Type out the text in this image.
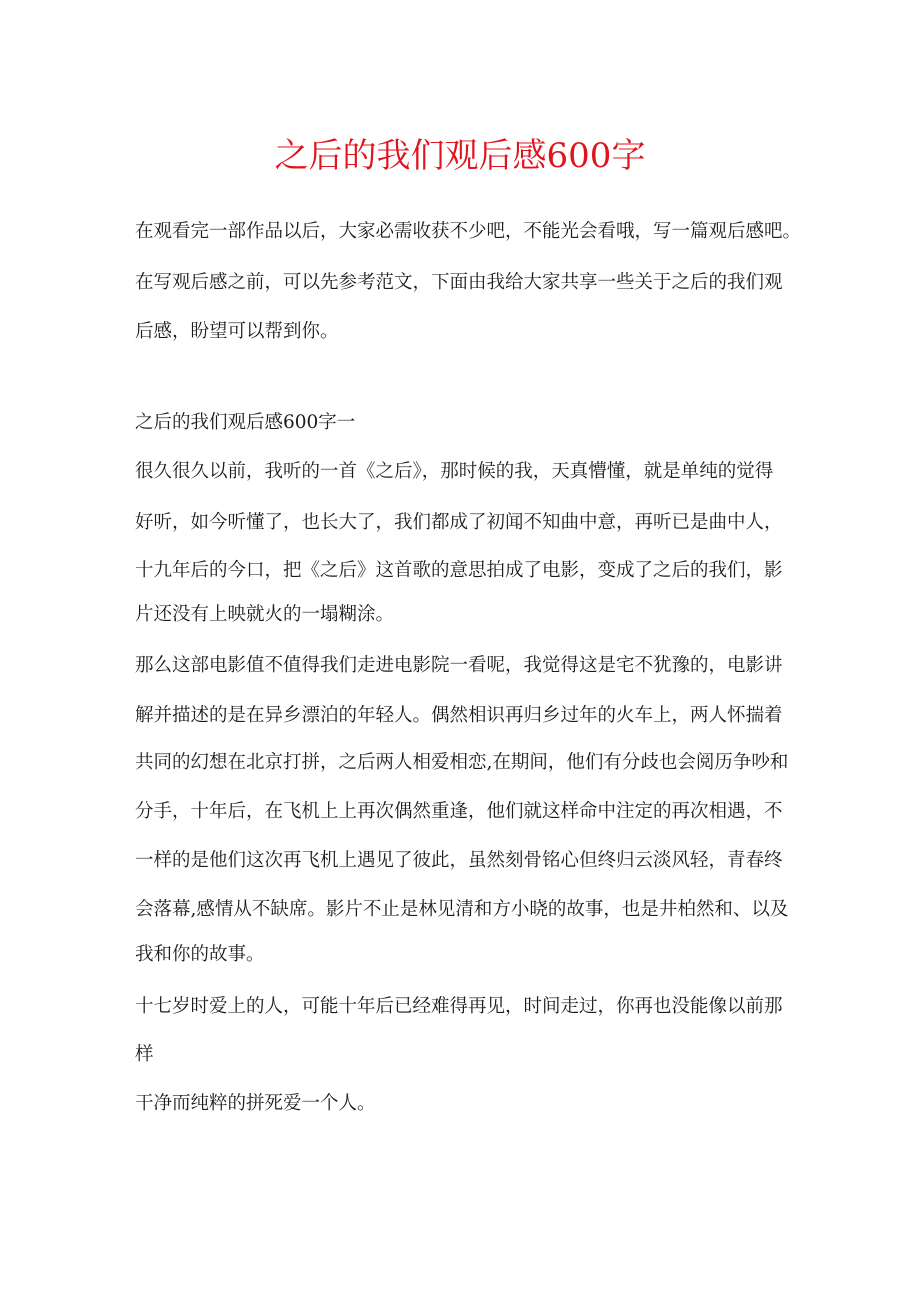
之后的我们观后感600字
在观看完一部作品以后，大家必需收获不少吧，不能光会看哦，写一篇观后感吧。
在写观后感之前，可以先参考范文，下面由我给大家共享一些关于之后的我们观
后感，盼望可以帮到你。
之后的我们观后感600字一
很久很久以前，我听的一首《之后》，那时候的我，天真懵懂，就是单纯的觉得
好听，如今听懂了，也长大了，我们都成了初闻不知曲中意，再听已是曲中人，
十九年后的今口，把《之后》这首歌的意思拍成了电影，变成了之后的我们，影
片还没有上映就火的一塌糊涂。
那么这部电影值不值得我们走进电影院一看呢，我觉得这是宅不犹豫的，电影讲
解并描述的是在异乡漂泊的年轻人。偶然相识再归乡过年的火车上，两人怀揣着
共同的幻想在北京打拼，之后两人相爱相恋,在期间，他们有分歧也会阅历争吵和
分手，十年后，在飞机上上再次偶然重逢，他们就这样命中注定的再次相遇，不
一样的是他们这次再飞机上遇见了彼此，虽然刻骨铭心但终归云淡风轻，青春终
会落幕,感情从不缺席。影片不止是林见清和方小晓的故事，也是井柏然和、以及
我和你的故事。
十七岁时爱上的人，可能十年后已经难得再见，时间走过，你再也没能像以前那
样
干净而纯粹的拼死爱一个人。
